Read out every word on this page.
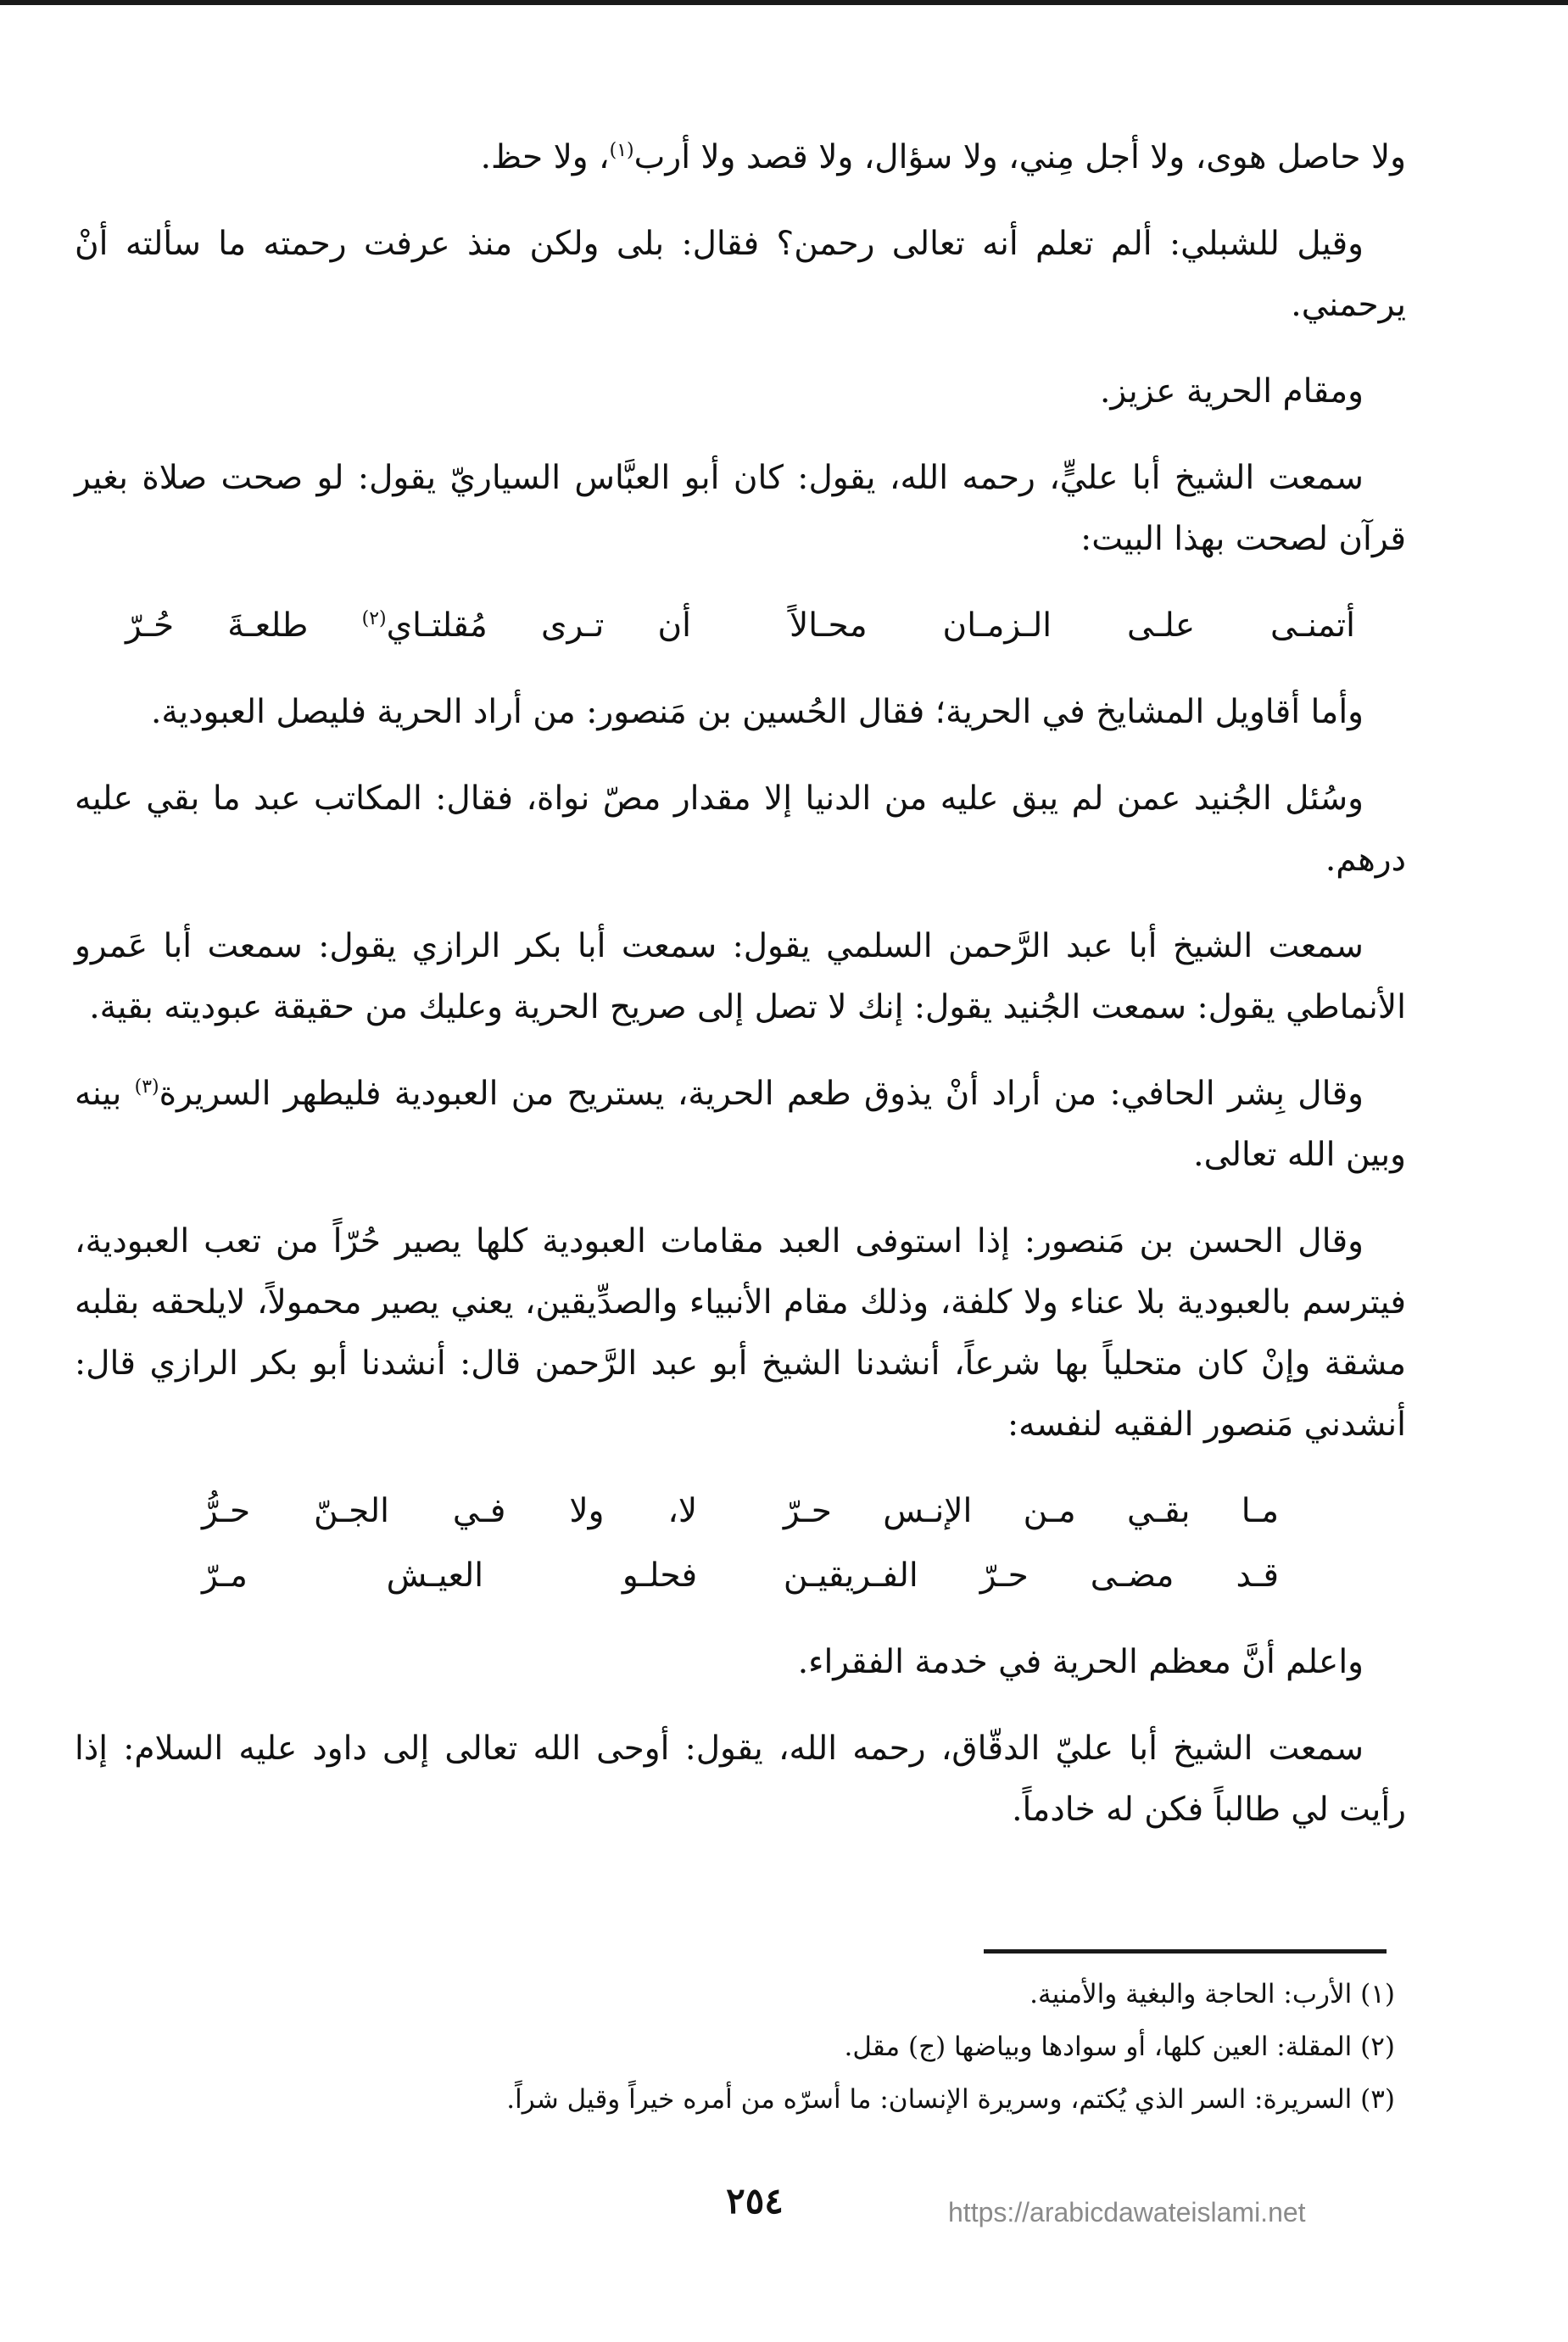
ولا حاصل هوى، ولا أجل مِني، ولا سؤال، ولا قصد ولا أرب$^{(١)}$، ولا حظ.

وقيل للشبلي: ألم تعلم أنه تعالى رحمن؟ فقال: بلى ولكن منذ عرفت رحمته ما سألته أنْ يرحمني.

ومقام الحرية عزيز.

سمعت الشيخ أبا عليٍّ، رحمه الله، يقول: كان أبو العبَّاس السياريّ يقول: لو صحت صلاة بغير قرآن لصحت بهذا البيت:

أتمنـى علـى الـزمـان محـالاً
أن تـرى مُقلتـاي$^{(٢)}$ طلعـةَ حُـرّ

وأما أقاويل المشايخ في الحرية؛ فقال الحُسين بن مَنصور: من أراد الحرية فليصل العبودية.

وسُئل الجُنيد عمن لم يبق عليه من الدنيا إلا مقدار مصّ نواة، فقال: المكاتب عبد ما بقي عليه درهم.

سمعت الشيخ أبا عبد الرَّحمن السلمي يقول: سمعت أبا بكر الرازي يقول: سمعت أبا عَمرو الأنماطي يقول: سمعت الجُنيد يقول: إنك لا تصل إلى صريح الحرية وعليك من حقيقة عبوديته بقية.

وقال بِشر الحافي: من أراد أنْ يذوق طعم الحرية، يستريح من العبودية فليطهر السريرة$^{(٣)}$ بينه وبين الله تعالى.

وقال الحسن بن مَنصور: إذا استوفى العبد مقامات العبودية كلها يصير حُرّاً من تعب العبودية، فيترسم بالعبودية بلا عناء ولا كلفة، وذلك مقام الأنبياء والصدِّيقين، يعني يصير محمولاً، لايلحقه بقلبه مشقة وإنْ كان متحلياً بها شرعاً، أنشدنا الشيخ أبو عبد الرَّحمن قال: أنشدنا أبو بكر الرازي قال: أنشدني مَنصور الفقيه لنفسه:

مـا بقـي مـن الإنـس حـرّ
لا، ولا فـي الجـنّ حـرُّ
قـد مضـى حـرّ الفـريقيـن
فحلـو العيـش مـرّ

واعلم أنَّ معظم الحرية في خدمة الفقراء.

سمعت الشيخ أبا عليّ الدقّاق، رحمه الله، يقول: أوحى الله تعالى إلى داود عليه السلام: إذا رأيت لي طالباً فكن له خادماً.

(١) الأرب: الحاجة والبغية والأمنية.

(٢) المقلة: العين كلها، أو سوادها وبياضها (ج) مقل.

(٣) السريرة: السر الذي يُكتم، وسريرة الإنسان: ما أسرّه من أمره خيراً وقيل شراً.

٢٥٤	https://arabicdawateislami.net
